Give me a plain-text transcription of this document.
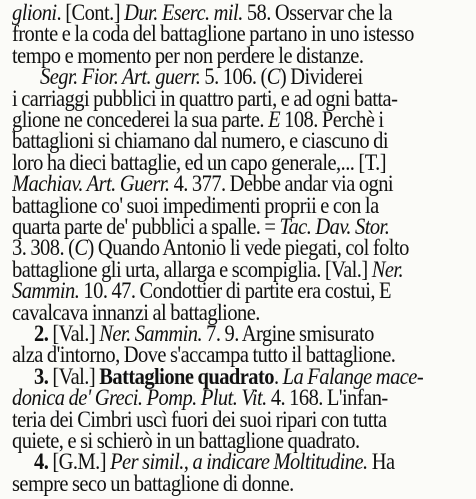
glioni. [Cont.] Dur. Eserc. mil. 58. Osservar che la
fronte e la coda del battaglione partano in uno istesso
tempo e momento per non perdere le distanze.
Segr. Fior. Art. guerr. 5. 106. (C) Dividerei
i carriaggi pubblici in quattro parti, e ad ogni batta-
glione ne concederei la sua parte. E 108. Perchè i
battaglioni si chiamano dal numero, e ciascuno di
loro ha dieci battaglie, ed un capo generale,... [T.]
Machiav. Art. Guerr. 4. 377. Debbe andar via ogni
battaglione co' suoi impedimenti proprii e con la
quarta parte de' pubblici a spalle. = Tac. Dav. Stor.
3. 308. (C) Quando Antonio li vede piegati, col folto
battaglione gli urta, allarga e scompiglia. [Val.] Ner.
Sammin. 10. 47. Condottier di partite era costui, E
cavalcava innanzi al battaglione.
2. [Val.] Ner. Sammin. 7. 9. Argine smisurato
alza d'intorno, Dove s'accampa tutto il battaglione.
3. [Val.] Battaglione quadrato. La Falange mace-
donica de' Greci. Pomp. Plut. Vit. 4. 168. L'infan-
teria dei Cimbri uscì fuori dei suoi ripari con tutta
quiete, e si schierò in un battaglione quadrato.
4. [G.M.] Per simil., a indicare Moltitudine. Ha
sempre seco un battaglione di donne.
